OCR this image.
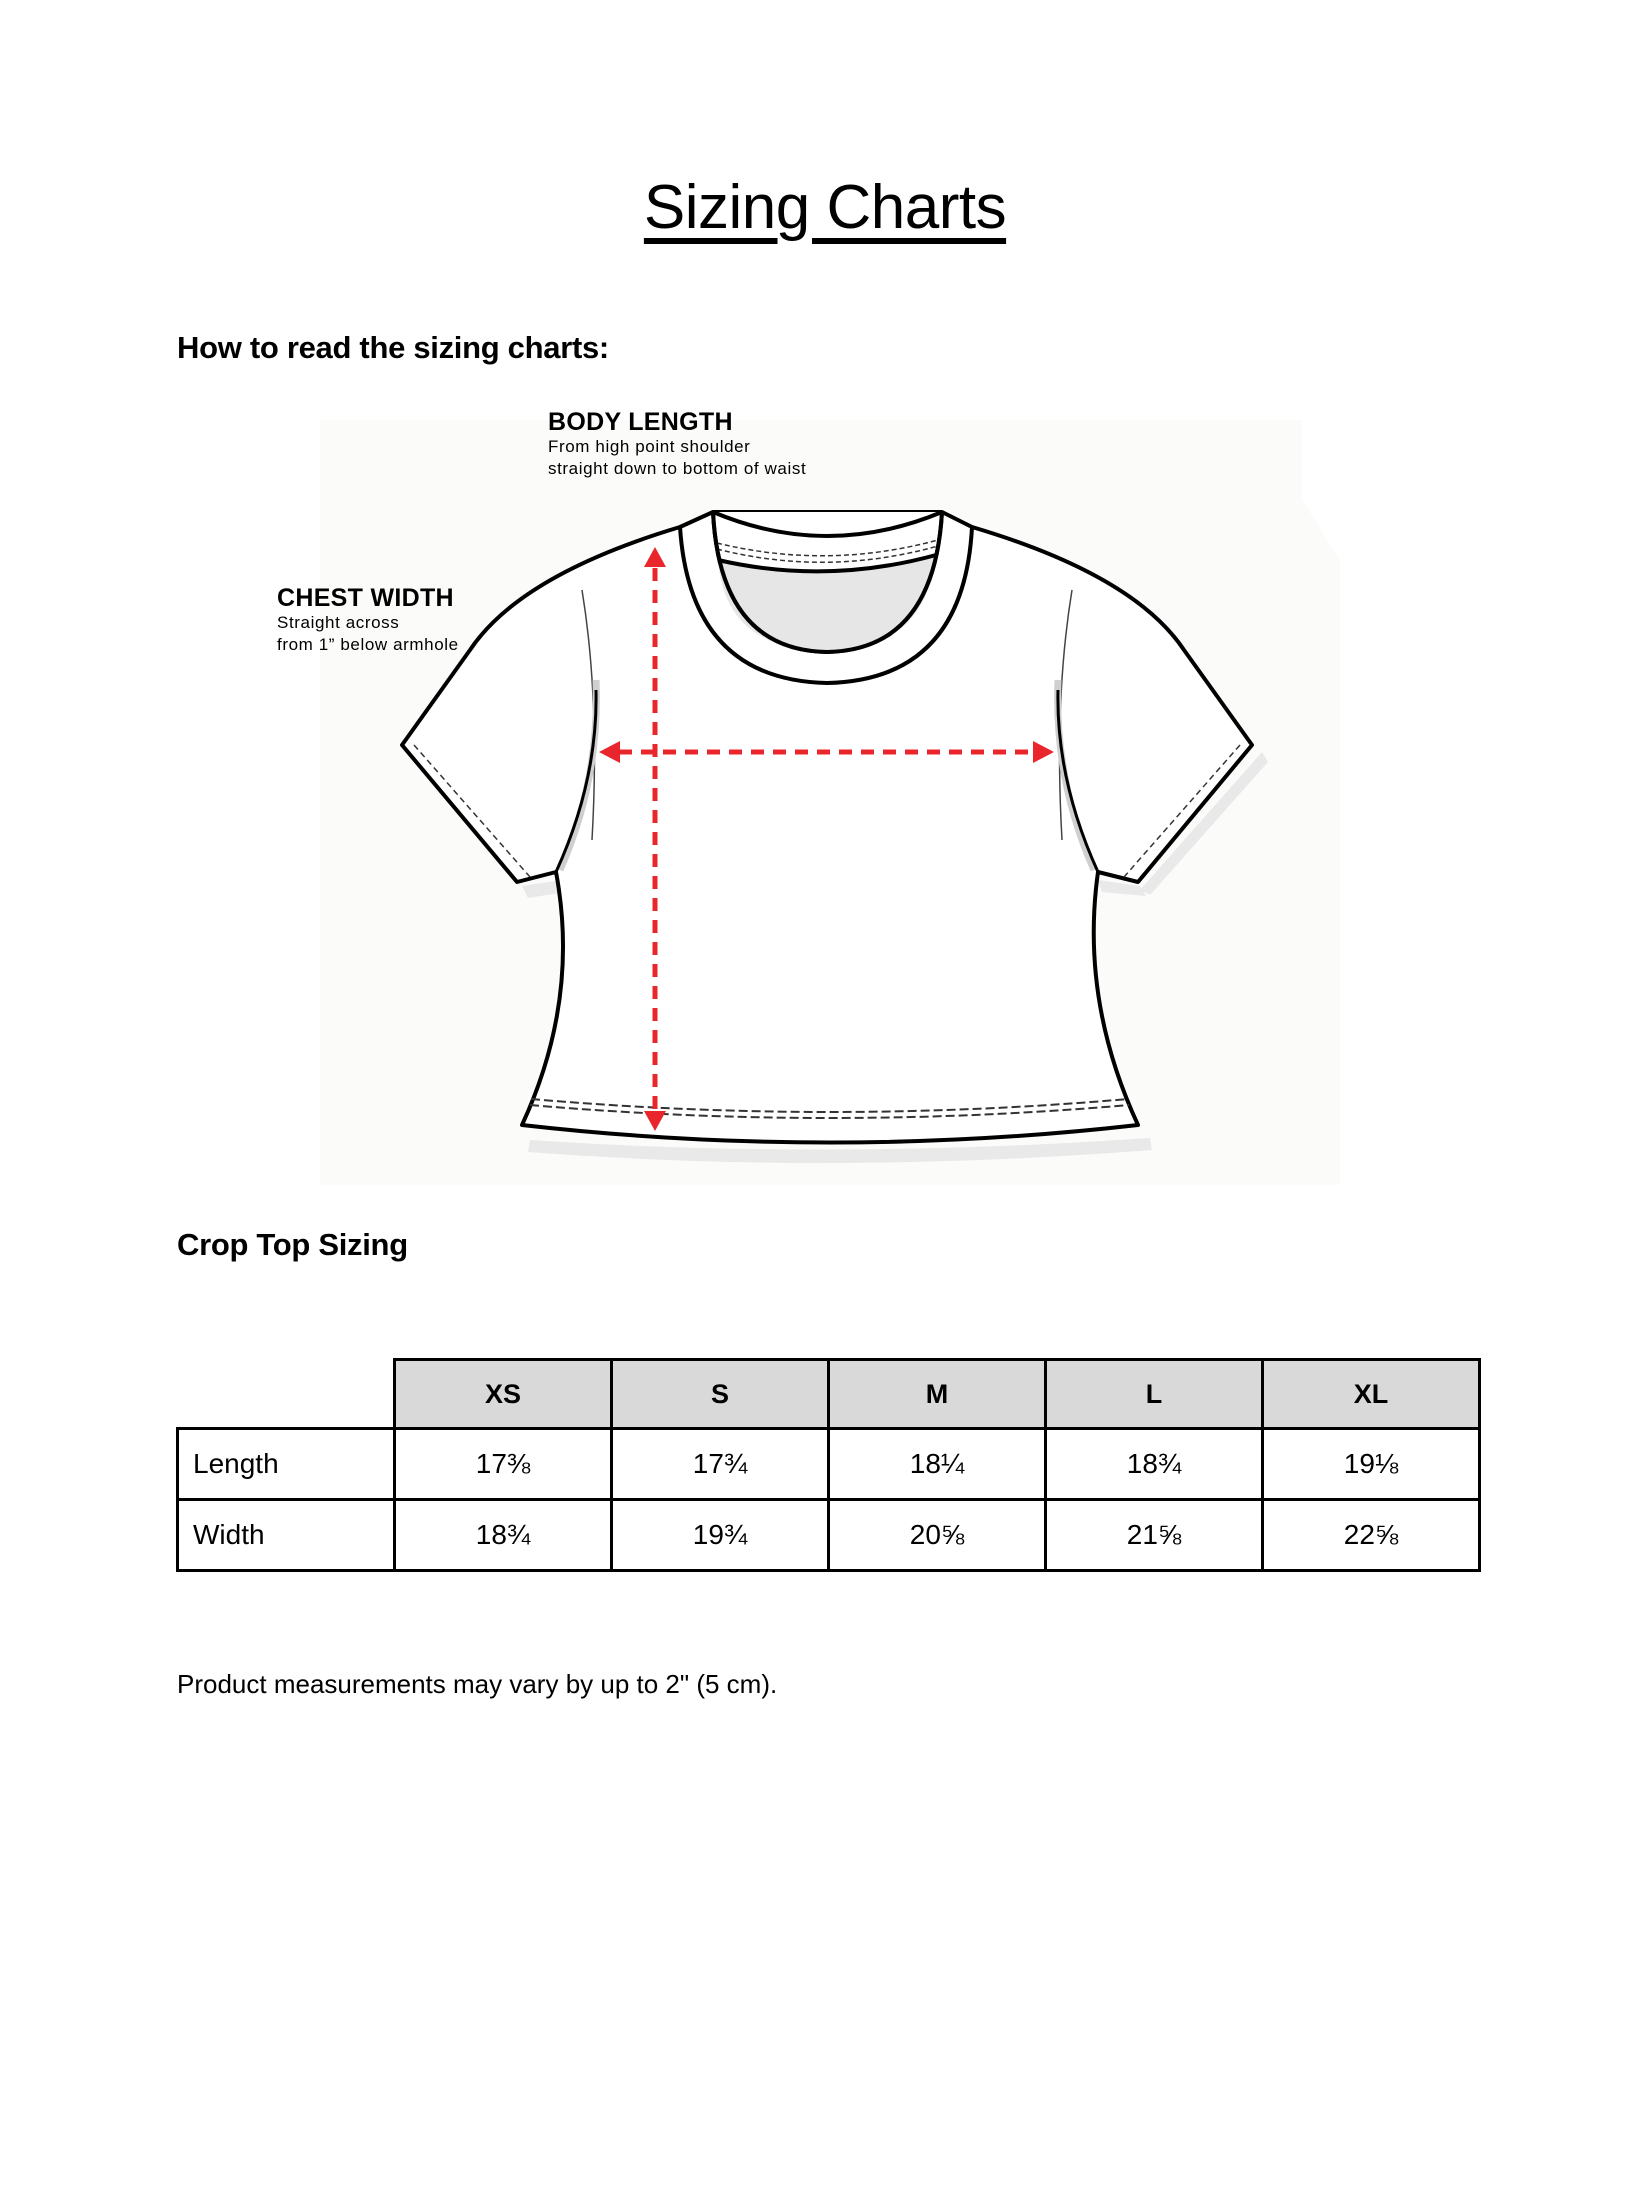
Sizing Charts
How to read the sizing charts:
BODY LENGTH
From high point shoulder
straight down to bottom of waist
CHEST WIDTH
Straight across
from 1” below armhole
Crop Top Sizing
	XS	S	M	L	XL
Length	17⅜	17¾	18¼	18¾	19⅛
Width	18¾	19¾	20⅝	21⅝	22⅝
Product measurements may vary by up to 2" (5 cm).
